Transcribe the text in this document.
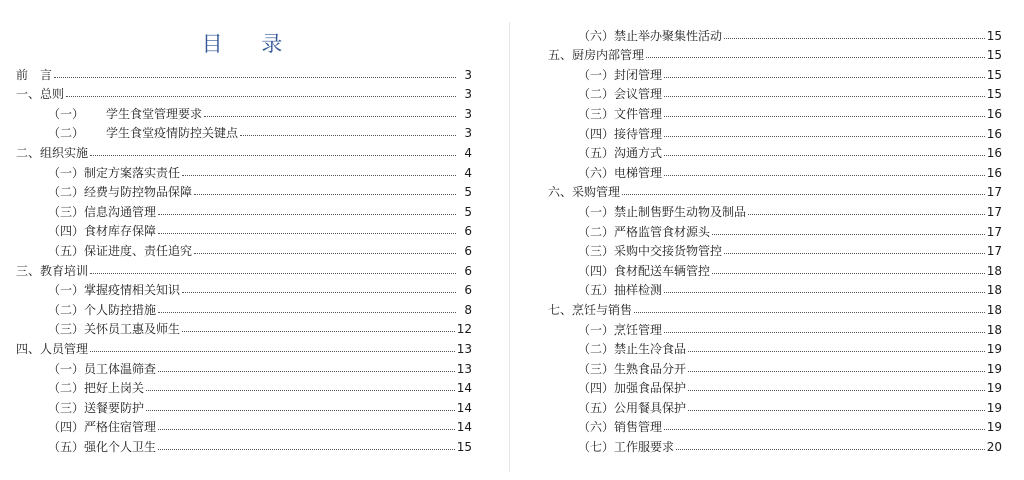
目 录
前　言	3
一、总则	3
（一） 学生食堂管理要求	3
（二） 学生食堂疫情防控关键点	3
二、组织实施	4
（一）制定方案落实责任	4
（二）经费与防控物品保障	5
（三）信息沟通管理	5
（四）食材库存保障	6
（五）保证进度、责任追究	6
三、教育培训	6
（一）掌握疫情相关知识	6
（二）个人防控措施	8
（三）关怀员工惠及师生	12
四、人员管理	13
（一）员工体温筛查	13
（二）把好上岗关	14
（三）送餐要防护	14
（四）严格住宿管理	14
（五）强化个人卫生	15
（六）禁止举办聚集性活动	15
五、厨房内部管理	15
（一）封闭管理	15
（二）会议管理	15
（三）文件管理	16
（四）接待管理	16
（五）沟通方式	16
（六）电梯管理	16
六、采购管理	17
（一）禁止制售野生动物及制品	17
（二）严格监管食材源头	17
（三）采购中交接货物管控	17
（四）食材配送车辆管控	18
（五）抽样检测	18
七、烹饪与销售	18
（一）烹饪管理	18
（二）禁止生冷食品	19
（三）生熟食品分开	19
（四）加强食品保护	19
（五）公用餐具保护	19
（六）销售管理	19
（七）工作服要求	20
